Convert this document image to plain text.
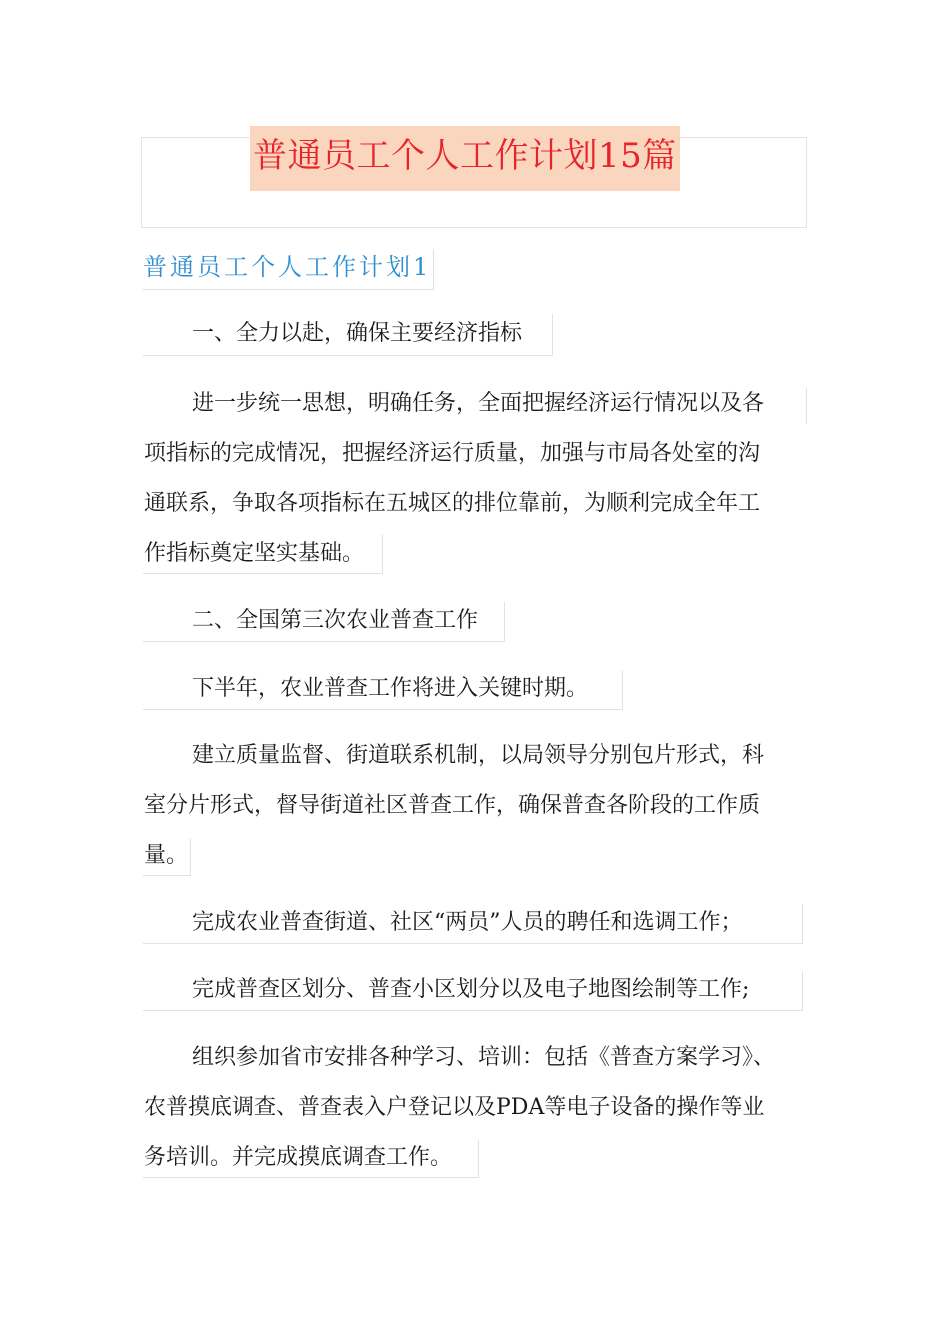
普通员工个人工作计划15篇
普通员工个人工作计划1
一、全力以赴，确保主要经济指标
进一步统一思想，明确任务，全面把握经济运行情况以及各
项指标的完成情况，把握经济运行质量，加强与市局各处室的沟
通联系，争取各项指标在五城区的排位靠前，为顺利完成全年工
作指标奠定坚实基础。
二、全国第三次农业普查工作
下半年，农业普查工作将进入关键时期。
建立质量监督、街道联系机制，以局领导分别包片形式，科
室分片形式，督导街道社区普查工作，确保普查各阶段的工作质
量。
完成农业普查街道、社区“两员”人员的聘任和选调工作；
完成普查区划分、普查小区划分以及电子地图绘制等工作;
组织参加省市安排各种学习、培训：包括《普查方案学习》、
农普摸底调查、普查表入户登记以及PDA等电子设备的操作等业
务培训。并完成摸底调查工作。
